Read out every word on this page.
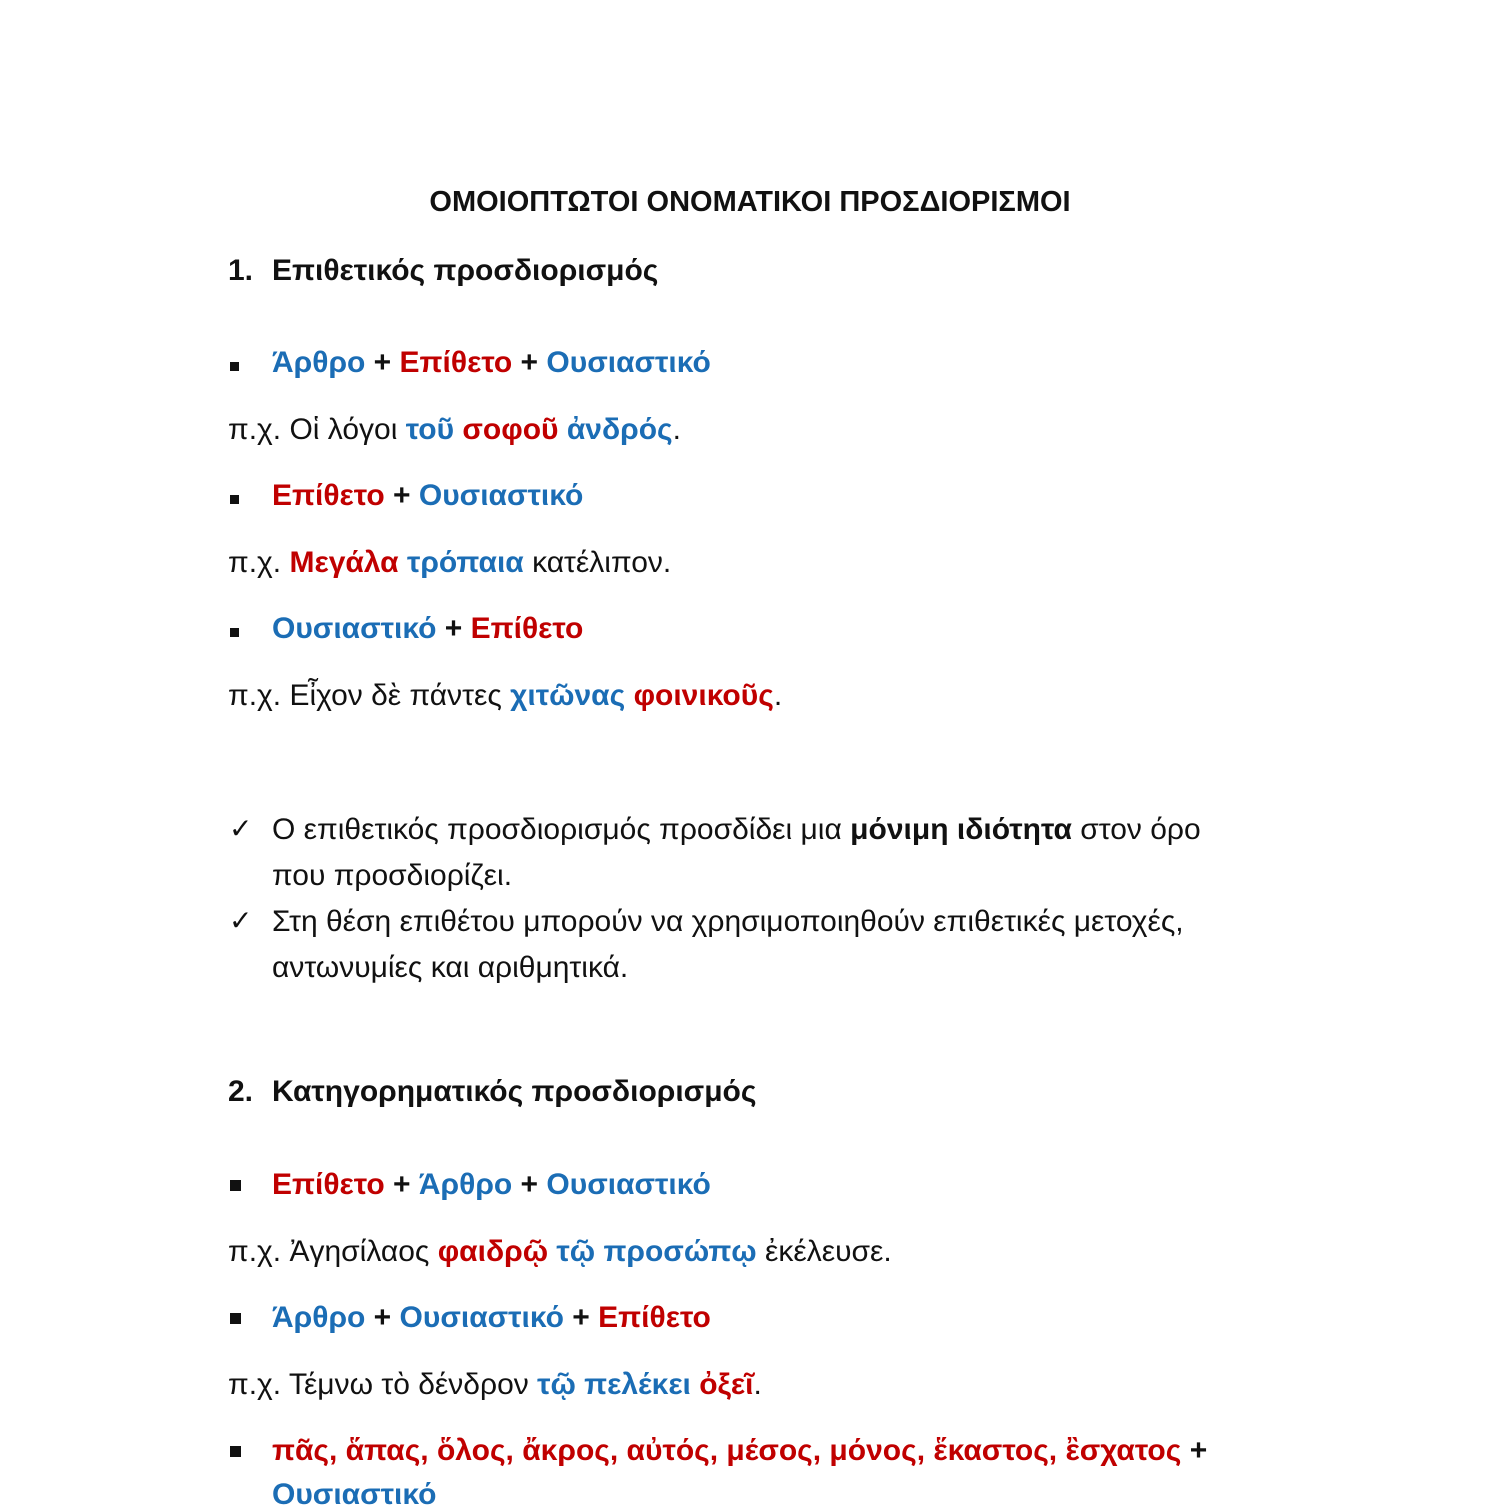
ΟΜΟΙΟΠΤΩΤΟΙ ΟΝΟΜΑΤΙΚΟΙ ΠΡΟΣΔΙΟΡΙΣΜΟΙ
1. Επιθετικός προσδιορισμός
Άρθρο + Επίθετο + Ουσιαστικό
π.χ. Οἱ λόγοι τοῦ σοφοῦ ἀνδρός.
Επίθετο + Ουσιαστικό
π.χ. Μεγάλα τρόπαια κατέλιπον.
Ουσιαστικό + Επίθετο
π.χ. Εἶχον δὲ πάντες χιτῶνας φοινικοῦς.
✓ Ο επιθετικός προσδιορισμός προσδίδει μια μόνιμη ιδιότητα στον όρο
που προσδιορίζει.
✓ Στη θέση επιθέτου μπορούν να χρησιμοποιηθούν επιθετικές μετοχές,
αντωνυμίες και αριθμητικά.
2. Κατηγορηματικός προσδιορισμός
Επίθετο + Άρθρο + Ουσιαστικό
π.χ. Ἀγησίλαος φαιδρῷ τῷ προσώπῳ ἐκέλευσε.
Άρθρο + Ουσιαστικό + Επίθετο
π.χ. Τέμνω τὸ δένδρον τῷ πελέκει ὀξεῖ.
πᾶς, ἅπας, ὅλος, ἄκρος, αὐτός, μέσος, μόνος, ἕκαστος, ἒσχατος +
Ουσιαστικό
